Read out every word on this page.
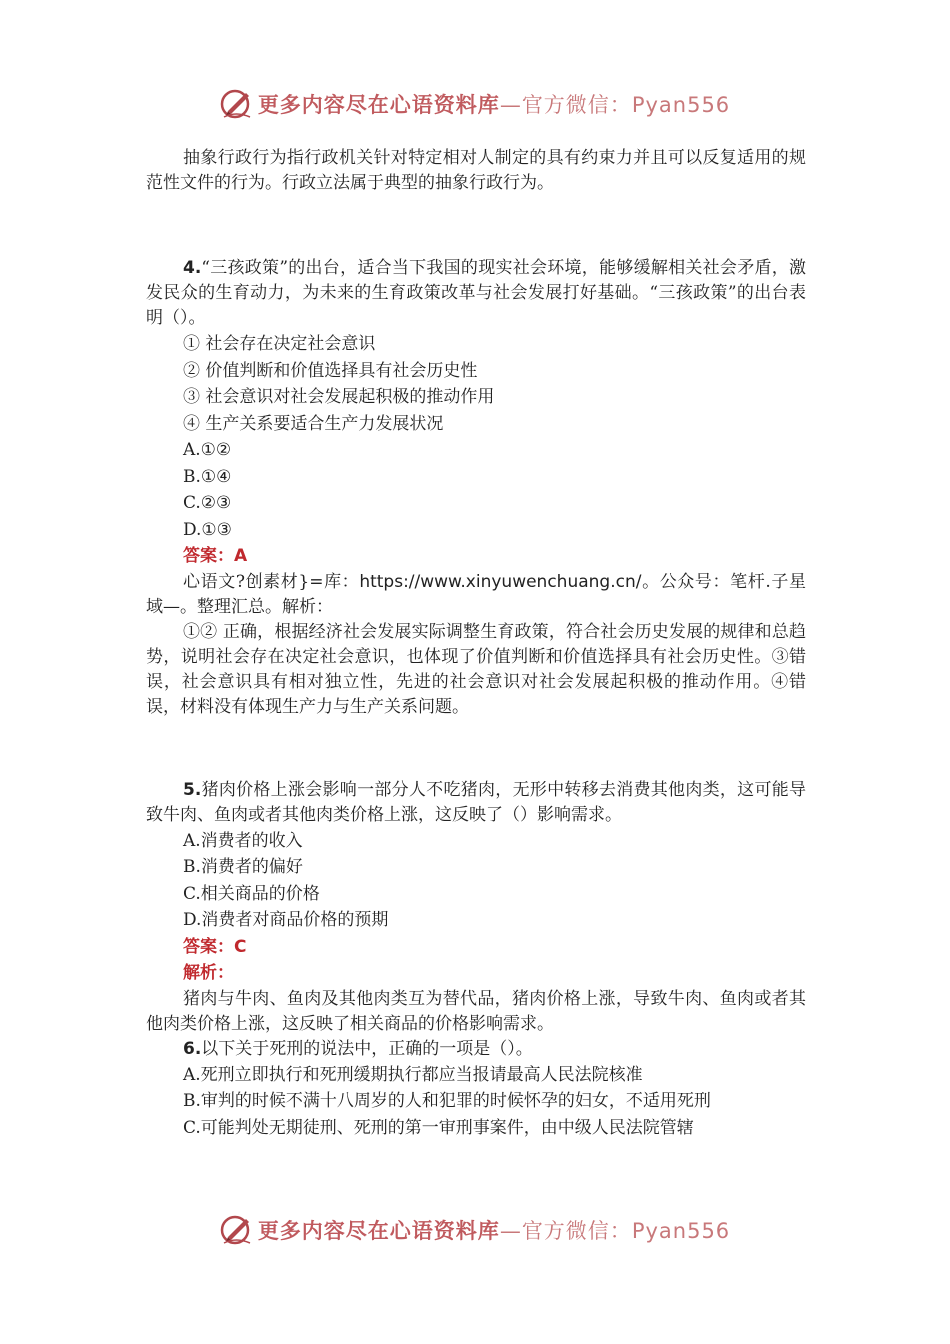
更多内容尽在心语资料库—官方微信：Pyan556

抽象行政行为指行政机关针对特定相对人制定的具有约束力并且可以反复适用的规范性文件的行为。行政立法属于典型的抽象行政行为。

4.“三孩政策”的出台，适合当下我国的现实社会环境，能够缓解相关社会矛盾，激发民众的生育动力，为未来的生育政策改革与社会发展打好基础。“三孩政策”的出台表明（）。

① 社会存在决定社会意识

② 价值判断和价值选择具有社会历史性

③ 社会意识对社会发展起积极的推动作用

④ 生产关系要适合生产力发展状况

A.①②

B.①④

C.②③

D.①③

答案：A

心语文?创素材}=库：https://www.xinyuwenchuang.cn/。公众号：笔杆.子星域—。整理汇总。解析：

①② 正确，根据经济社会发展实际调整生育政策，符合社会历史发展的规律和总趋势，说明社会存在决定社会意识，也体现了价值判断和价值选择具有社会历史性。③错误，社会意识具有相对独立性，先进的社会意识对社会发展起积极的推动作用。④错误，材料没有体现生产力与生产关系问题。

5.猪肉价格上涨会影响一部分人不吃猪肉，无形中转移去消费其他肉类，这可能导致牛肉、鱼肉或者其他肉类价格上涨，这反映了（）影响需求。

A.消费者的收入

B.消费者的偏好

C.相关商品的价格

D.消费者对商品价格的预期

答案：C

解析：

猪肉与牛肉、鱼肉及其他肉类互为替代品，猪肉价格上涨，导致牛肉、鱼肉或者其他肉类价格上涨，这反映了相关商品的价格影响需求。

6.以下关于死刑的说法中，正确的一项是（）。

A.死刑立即执行和死刑缓期执行都应当报请最高人民法院核准

B.审判的时候不满十八周岁的人和犯罪的时候怀孕的妇女，不适用死刑

C.可能判处无期徒刑、死刑的第一审刑事案件，由中级人民法院管辖

更多内容尽在心语资料库—官方微信：Pyan556
